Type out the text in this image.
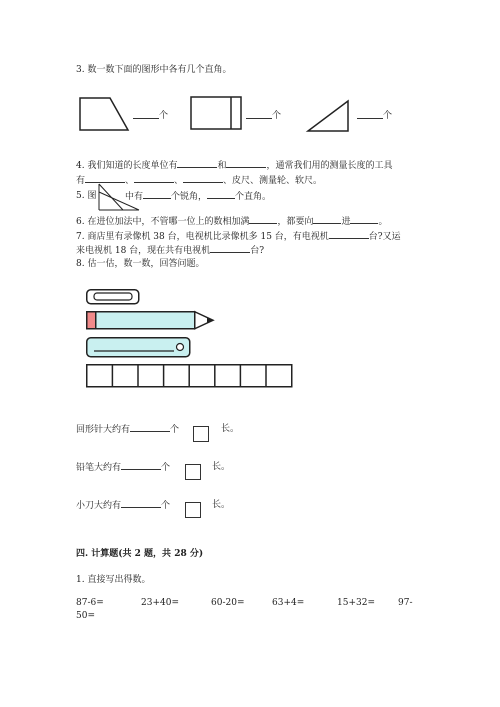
3. 数一数下面的图形中各有几个直角。
个	个	个
4. 我们知道的长度单位有	和	，通常我们用的测量长度的工具
有	、	、	、皮尺、测量轮、软尺。
5. 图	中有	个锐角，	个直角。
6. 在进位加法中，不管哪一位上的数相加满	，都要向	进	。
7. 商店里有录像机 38 台，电视机比录像机多 15 台，有电视机	台?又运
来电视机 18 台，现在共有电视机	台?
8. 估一估，数一数，回答问题。
回形针大约有	个	长。
铅笔大约有	个	长。
小刀大约有	个	长。
四. 计算题(共 2 题，共 28 分)
1. 直接写出得数。
87-6=	23+40=	60-20=	63+4=	15+32=	97-
50=
